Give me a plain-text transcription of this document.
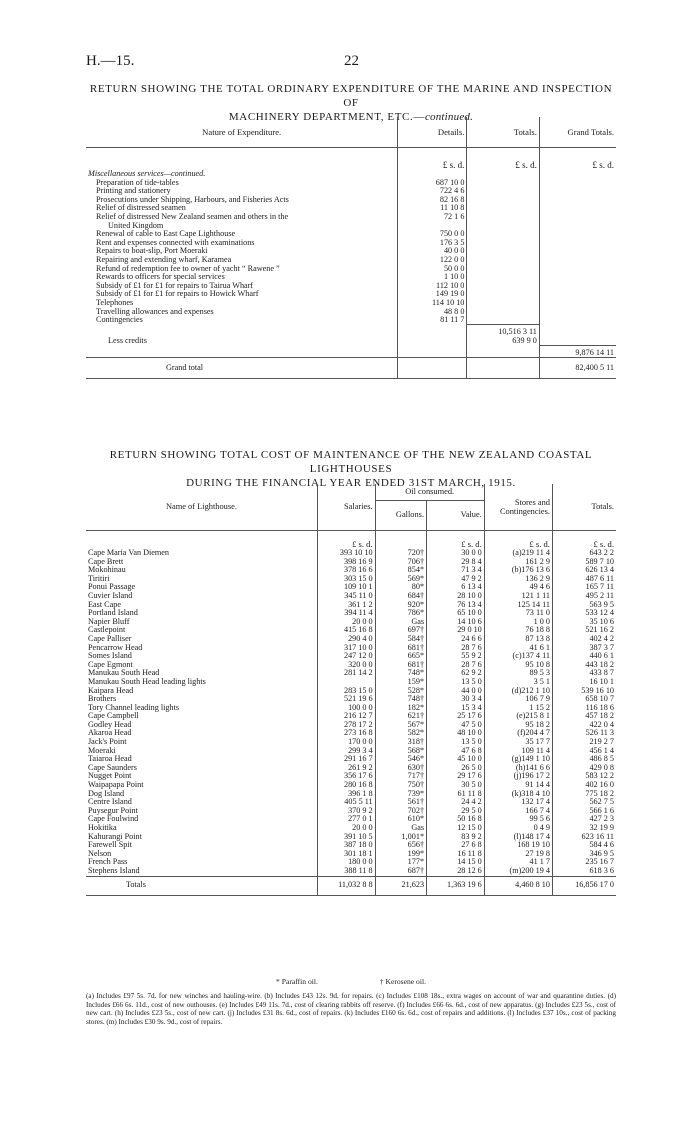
H.—15.	22
RETURN SHOWING THE TOTAL ORDINARY EXPENDITURE OF THE MARINE AND INSPECTION OF
MACHINERY DEPARTMENT, ETC.—continued.
Nature of Expenditure.	Details.	Totals.	Grand Totals.
	£ s. d.	£ s. d.	£ s. d.
Miscellaneous services—continued.			
Preparation of tide-tables	687 10 0		
Printing and stationery	722 4 6		
Prosecutions under Shipping, Harbours, and Fisheries Acts	82 16 8		
Relief of distressed seamen	11 10 8		
Relief of distressed New Zealand seamen and others in the	72 1 6		
United Kingdom			
Renewal of cable to East Cape Lighthouse	750 0 0		
Rent and expenses connected with examinations	176 3 5		
Repairs to boat-slip, Port Moeraki	40 0 0		
Repairing and extending wharf, Karamea	122 0 0		
Refund of redemption fee to owner of yacht “ Rawene ”	50 0 0		
Rewards to officers for special services	1 10 0		
Subsidy of £1 for £1 for repairs to Tairua Wharf	112 10 0		
Subsidy of £1 for £1 for repairs to Howick Wharf	149 19 0		
Telephones	114 10 10		
Travelling allowances and expenses	48 8 0		
Contingencies	81 11 7		
		10,516 3 11	
Less credits		639 9 0	
			9,876 14 11
Grand total			82,400 5 11
RETURN SHOWING TOTAL COST OF MAINTENANCE OF THE NEW ZEALAND COASTAL LIGHTHOUSES
DURING THE FINANCIAL YEAR ENDED 31ST MARCH, 1915.
Name of Lighthouse.	Salaries.	Oil consumed.		Stores and Contingencies.	Totals.
		Gallons.	Value.		
	£ s. d.		£ s. d.	£ s. d.	£ s. d.
Cape Maria Van Diemen	393 10 10	720†	30 0 0	(a)219 11 4	643 2 2
Cape Brett	398 16 9	706†	29 8 4	161 2 9	589 7 10
Mokohinau	378 16 6	854*	71 3 4	(b)176 13 6	626 13 4
Tiritiri	303 15 0	569*	47 9 2	136 2 9	487 6 11
Ponui Passage	109 10 1	80*	6 13 4	49 4 6	165 7 11
Cuvier Island	345 11 0	684†	28 10 0	121 1 11	495 2 11
East Cape	361 1 2	920*	76 13 4	125 14 11	563 9 5
Portland Island	394 11 4	786*	65 10 0	73 11 0	533 12 4
Napier Bluff	20 0 0	Gas	14 10 6	1 0 0	35 10 6
Castlepoint	415 16 8	697†	29 0 10	76 18 8	521 16 2
Cape Palliser	290 4 0	584†	24 6 6	87 13 8	402 4 2
Pencarrow Head	317 10 0	681†	28 7 6	41 6 1	387 3 7
Somes Island	247 12 0	665*	55 9 2	(c)137 4 11	440 6 1
Cape Egmont	320 0 0	681†	28 7 6	95 10 8	443 18 2
Manukau South Head	281 14 2	748*	62 9 2	89 5 3	433 8 7
Manukau South Head leading lights		159*	13 5 0	3 5 1	16 10 1
Kaipara Head	283 15 0	528*	44 0 0	(d)212 1 10	539 16 10
Brothers	521 19 6	748†	30 3 4	106 7 9	658 10 7
Tory Channel leading lights	100 0 0	182*	15 3 4	1 15 2	116 18 6
Cape Campbell	216 12 7	621†	25 17 6	(e)215 8 1	457 18 2
Godley Head	278 17 2	567*	47 5 0	95 18 2	422 0 4
Akaroa Head	273 16 8	582*	48 10 0	(f)204 4 7	526 11 3
Jack's Point	170 0 0	318†	13 5 0	35 17 7	219 2 7
Moeraki	299 3 4	568*	47 6 8	109 11 4	456 1 4
Taiaroa Head	291 16 7	546*	45 10 0	(g)149 1 10	486 8 5
Cape Saunders	261 9 2	630†	26 5 0	(h)141 6 6	429 0 8
Nugget Point	356 17 6	717†	29 17 6	(j)196 17 2	583 12 2
Waipapapa Point	280 16 8	750†	30 5 0	91 14 4	402 16 0
Dog Island	396 1 8	739*	61 11 8	(k)318 4 10	775 18 2
Centre Island	405 5 11	561†	24 4 2	132 17 4	562 7 5
Puysegur Point	370 9 2	702†	29 5 0	166 7 4	566 1 6
Cape Foulwind	277 0 1	610*	50 16 8	99 5 6	427 2 3
Hokitika	20 0 0	Gas	12 15 0	0 4 9	32 19 9
Kahurangi Point	391 10 5	1,001*	83 9 2	(l)148 17 4	623 16 11
Farewell Spit	387 18 0	656†	27 6 8	168 19 10	584 4 6
Nelson	301 18 1	199*	16 11 8	27 19 8	346 9 5
French Pass	180 0 0	177*	14 15 0	41 1 7	235 16 7
Stephens Island	388 11 8	687†	28 12 6	(m)200 19 4	618 3 6
Totals	11,032 8 8	21,623	1,363 19 6	4,460 8 10	16,856 17 0
* Paraffin oil.	† Kerosene oil.
(a) Includes £97 5s. 7d. for new winches and hauling-wire. (b) Includes £43 12s. 9d. for repairs. (c) Includes £108 18s., extra wages on account of war and quarantine duties. (d) Includes £66 6s. 11d., cost of new outhouses. (e) Includes £49 11s. 7d., cost of clearing rabbits off reserve. (f) Includes £66 6s. 6d., cost of new apparatus. (g) Includes £23 5s., cost of new cart. (h) Includes £23 5s., cost of new cart. (j) Includes £31 8s. 6d., cost of repairs. (k) Includes £160 6s. 6d., cost of repairs and additions. (l) Includes £37 10s., cost of packing stores. (m) Includes £30 9s. 9d., cost of repairs.
